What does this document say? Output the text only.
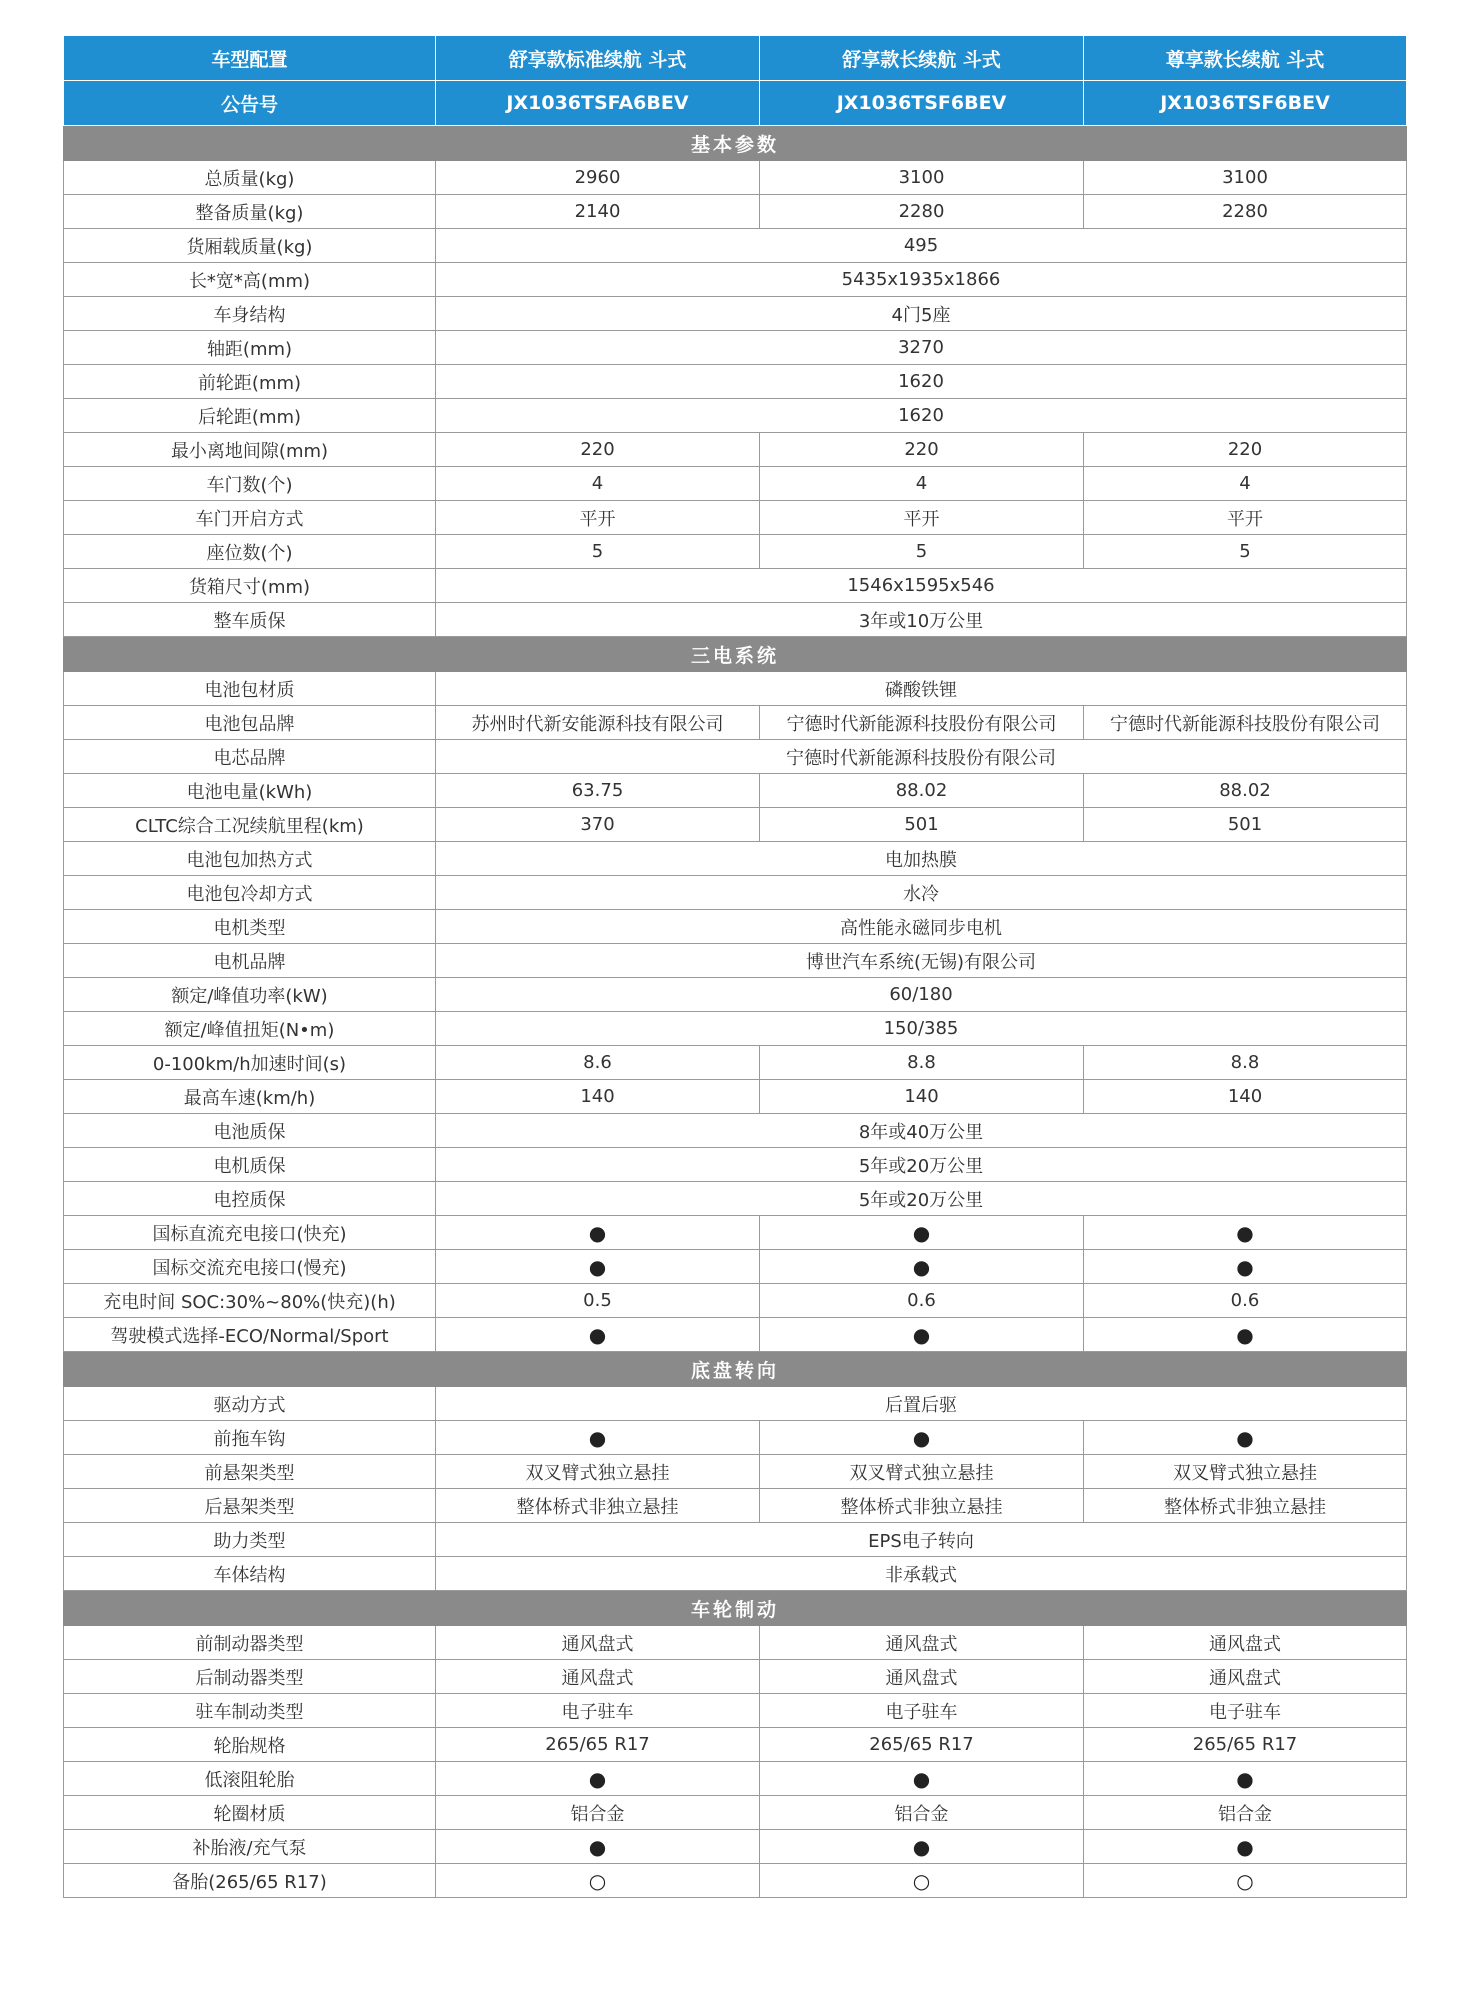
车型配置	舒享款标准续航 斗式	舒享款长续航 斗式	尊享款长续航 斗式
公告号	JX1036TSFA6BEV	JX1036TSF6BEV	JX1036TSF6BEV
基本参数			
总质量(kg)	2960	3100	3100
整备质量(kg)	2140	2280	2280
货厢载质量(kg)	495		
长*宽*高(mm)	5435x1935x1866		
车身结构	4门5座		
轴距(mm)	3270		
前轮距(mm)	1620		
后轮距(mm)	1620		
最小离地间隙(mm)	220	220	220
车门数(个)	4	4	4
车门开启方式	平开	平开	平开
座位数(个)	5	5	5
货箱尺寸(mm)	1546x1595x546		
整车质保	3年或10万公里		
三电系统			
电池包材质	磷酸铁锂		
电池包品牌	苏州时代新安能源科技有限公司	宁德时代新能源科技股份有限公司	宁德时代新能源科技股份有限公司
电芯品牌	宁德时代新能源科技股份有限公司		
电池电量(kWh)	63.75	88.02	88.02
CLTC综合工况续航里程(km)	370	501	501
电池包加热方式	电加热膜		
电池包冷却方式	水冷		
电机类型	高性能永磁同步电机		
电机品牌	博世汽车系统(无锡)有限公司		
额定/峰值功率(kW)	60/180		
额定/峰值扭矩(N•m)	150/385		
0-100km/h加速时间(s)	8.6	8.8	8.8
最高车速(km/h)	140	140	140
电池质保	8年或40万公里		
电机质保	5年或20万公里		
电控质保	5年或20万公里		
国标直流充电接口(快充)	●	●	●
国标交流充电接口(慢充)	●	●	●
充电时间 SOC:30%~80%(快充)(h)	0.5	0.6	0.6
驾驶模式选择-ECO/Normal/Sport	●	●	●
底盘转向			
驱动方式	后置后驱		
前拖车钩	●	●	●
前悬架类型	双叉臂式独立悬挂	双叉臂式独立悬挂	双叉臂式独立悬挂
后悬架类型	整体桥式非独立悬挂	整体桥式非独立悬挂	整体桥式非独立悬挂
助力类型	EPS电子转向		
车体结构	非承载式		
车轮制动			
前制动器类型	通风盘式	通风盘式	通风盘式
后制动器类型	通风盘式	通风盘式	通风盘式
驻车制动类型	电子驻车	电子驻车	电子驻车
轮胎规格	265/65 R17	265/65 R17	265/65 R17
低滚阻轮胎	●	●	●
轮圈材质	铝合金	铝合金	铝合金
补胎液/充气泵	●	●	●
备胎(265/65 R17)	○	○	○
